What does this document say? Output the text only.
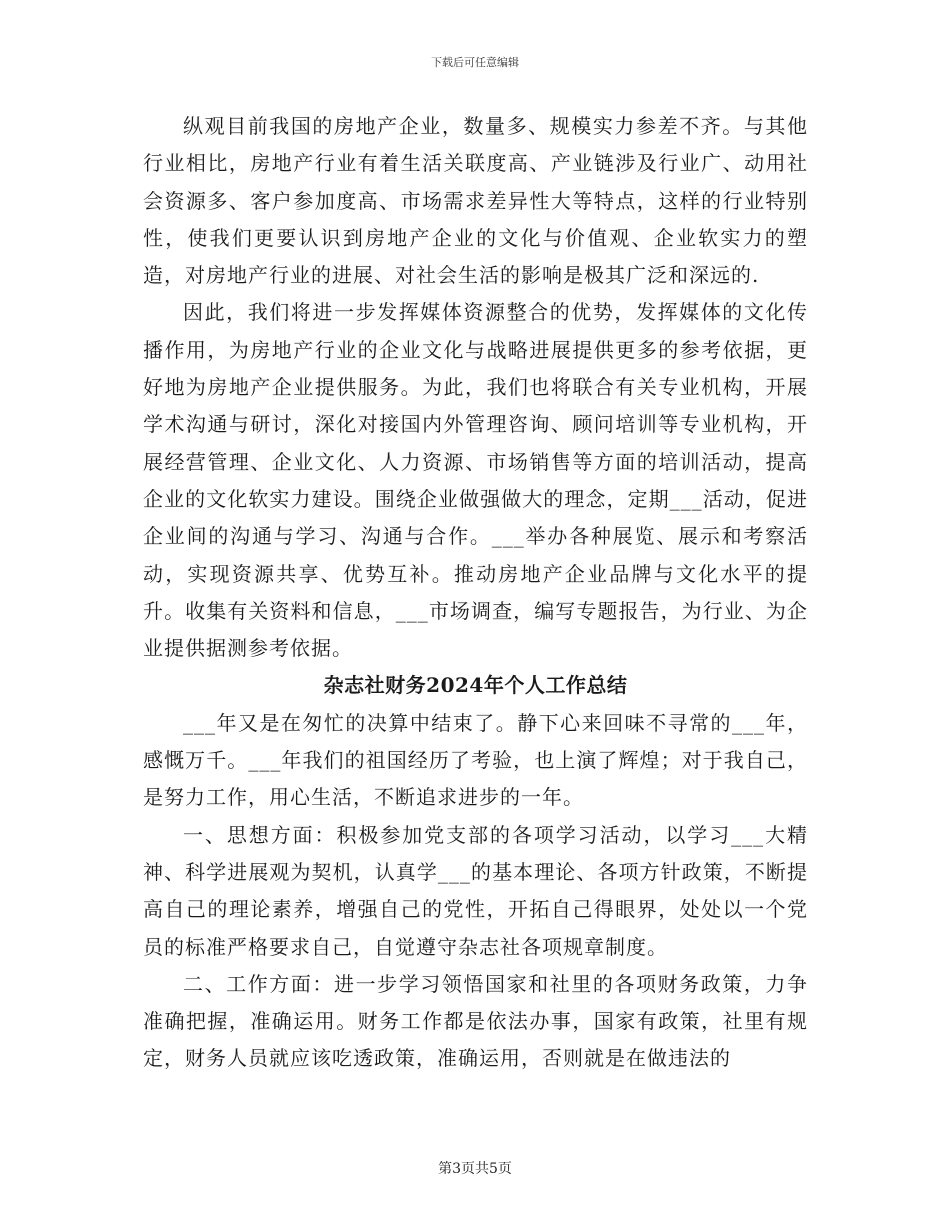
下载后可任意编辑

纵观目前我国的房地产企业，数量多、规模实力参差不齐。与其他行业相比，房地产行业有着生活关联度高、产业链涉及行业广、动用社会资源多、客户参加度高、市场需求差异性大等特点，这样的行业特别性，使我们更要认识到房地产企业的文化与价值观、企业软实力的塑造，对房地产行业的进展、对社会生活的影响是极其广泛和深远的.

因此，我们将进一步发挥媒体资源整合的优势，发挥媒体的文化传播作用，为房地产行业的企业文化与战略进展提供更多的参考依据，更好地为房地产企业提供服务。为此，我们也将联合有关专业机构，开展学术沟通与研讨，深化对接国内外管理咨询、顾问培训等专业机构，开展经营管理、企业文化、人力资源、市场销售等方面的培训活动，提高企业的文化软实力建设。围绕企业做强做大的理念，定期___活动，促进企业间的沟通与学习、沟通与合作。___举办各种展览、展示和考察活动，实现资源共享、优势互补。推动房地产企业品牌与文化水平的提升。收集有关资料和信息，___市场调查，编写专题报告，为行业、为企业提供据测参考依据。

杂志社财务2024年个人工作总结

___年又是在匆忙的决算中结束了。静下心来回味不寻常的___年，感慨万千。___年我们的祖国经历了考验，也上演了辉煌；对于我自己，是努力工作，用心生活，不断追求进步的一年。

一、思想方面：积极参加党支部的各项学习活动，以学习___大精神、科学进展观为契机，认真学___的基本理论、各项方针政策，不断提高自己的理论素养，增强自己的党性，开拓自己得眼界，处处以一个党员的标准严格要求自己，自觉遵守杂志社各项规章制度。

二、工作方面：进一步学习领悟国家和社里的各项财务政策，力争准确把握，准确运用。财务工作都是依法办事，国家有政策，社里有规定，财务人员就应该吃透政策，准确运用，否则就是在做违法的

第3页共5页
